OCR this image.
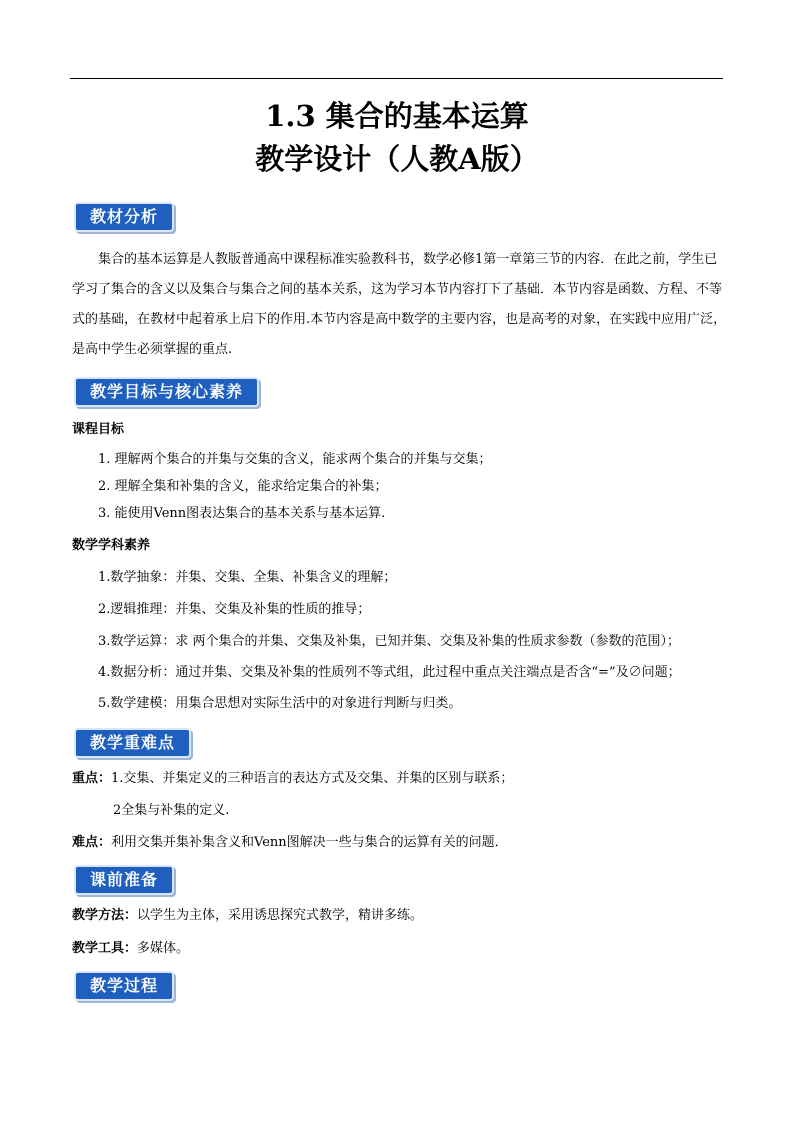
1.3 集合的基本运算
教学设计（人教A版）
教材分析

集合的基本运算是人教版普通高中课程标准实验教科书，数学必修1第一章第三节的内容．在此之前，学生已学习了集合的含义以及集合与集合之间的基本关系，这为学习本节内容打下了基础．本节内容是函数、方程、不等式的基础，在教材中起着承上启下的作用.本节内容是高中数学的主要内容，也是高考的对象，在实践中应用广泛，是高中学生必须掌握的重点.

教学目标与核心素养
课程目标
1. 理解两个集合的并集与交集的含义，能求两个集合的并集与交集；
2. 理解全集和补集的含义，能求给定集合的补集；
3. 能使用Venn图表达集合的基本关系与基本运算.
数学学科素养
1.数学抽象：并集、交集、全集、补集含义的理解；
2.逻辑推理：并集、交集及补集的性质的推导；
3.数学运算：求 两个集合的并集、交集及补集，已知并集、交集及补集的性质求参数（参数的范围）；
4.数据分析：通过并集、交集及补集的性质列不等式组，此过程中重点关注端点是否含“=”及∅问题；
5.数学建模：用集合思想对实际生活中的对象进行判断与归类。
教学重难点
重点：1.交集、并集定义的三种语言的表达方式及交集、并集的区别与联系；
2全集与补集的定义.
难点：利用交集并集补集含义和Venn图解决一些与集合的运算有关的问题．
课前准备
教学方法：以学生为主体，采用诱思探究式教学，精讲多练。
教学工具：多媒体。
教学过程
